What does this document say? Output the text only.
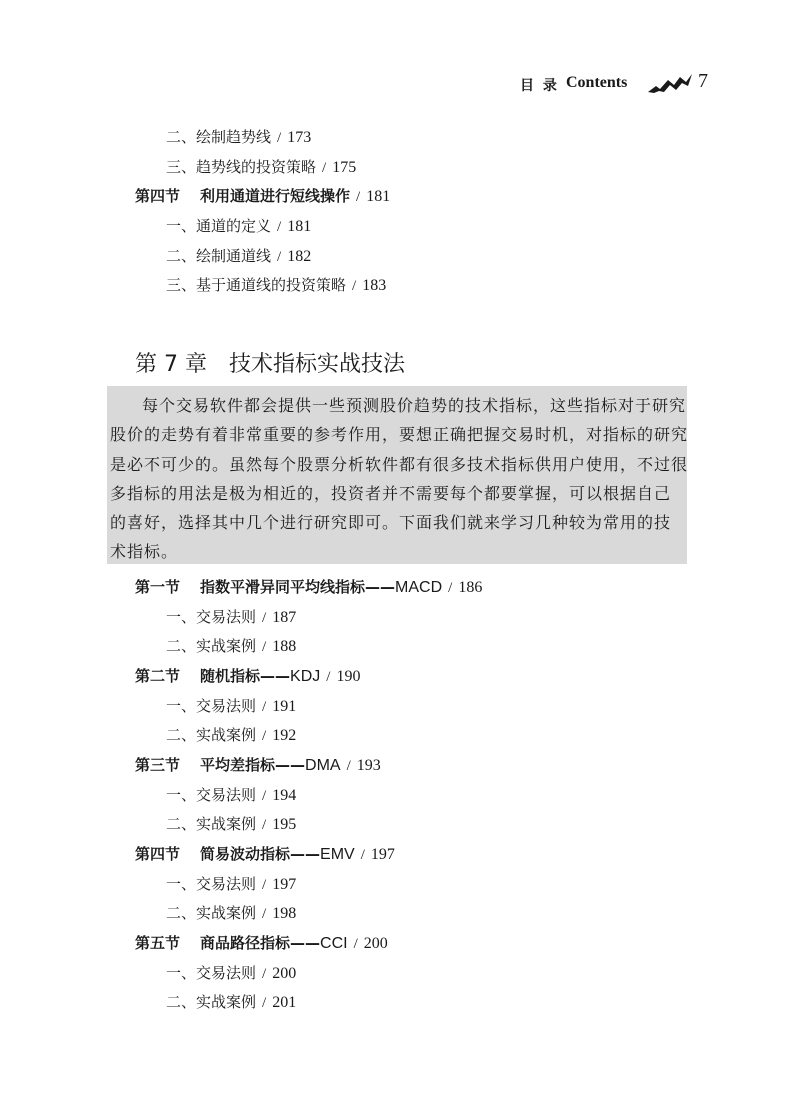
目 录 Contents	7
二、绘制趋势线 / 173
三、趋势线的投资策略 / 175
第四节 利用通道进行短线操作 / 181
一、通道的定义 / 181
二、绘制通道线 / 182
三、基于通道线的投资策略 / 183
第 7 章 技术指标实战技法
每个交易软件都会提供一些预测股价趋势的技术指标，这些指标对于研究
股价的走势有着非常重要的参考作用，要想正确把握交易时机，对指标的研究
是必不可少的。虽然每个股票分析软件都有很多技术指标供用户使用，不过很
多指标的用法是极为相近的，投资者并不需要每个都要掌握，可以根据自己
的喜好，选择其中几个进行研究即可。下面我们就来学习几种较为常用的技
术指标。
第一节 指数平滑异同平均线指标——MACD / 186
一、交易法则 / 187
二、实战案例 / 188
第二节 随机指标——KDJ / 190
一、交易法则 / 191
二、实战案例 / 192
第三节 平均差指标——DMA / 193
一、交易法则 / 194
二、实战案例 / 195
第四节 简易波动指标——EMV / 197
一、交易法则 / 197
二、实战案例 / 198
第五节 商品路径指标——CCI / 200
一、交易法则 / 200
二、实战案例 / 201
